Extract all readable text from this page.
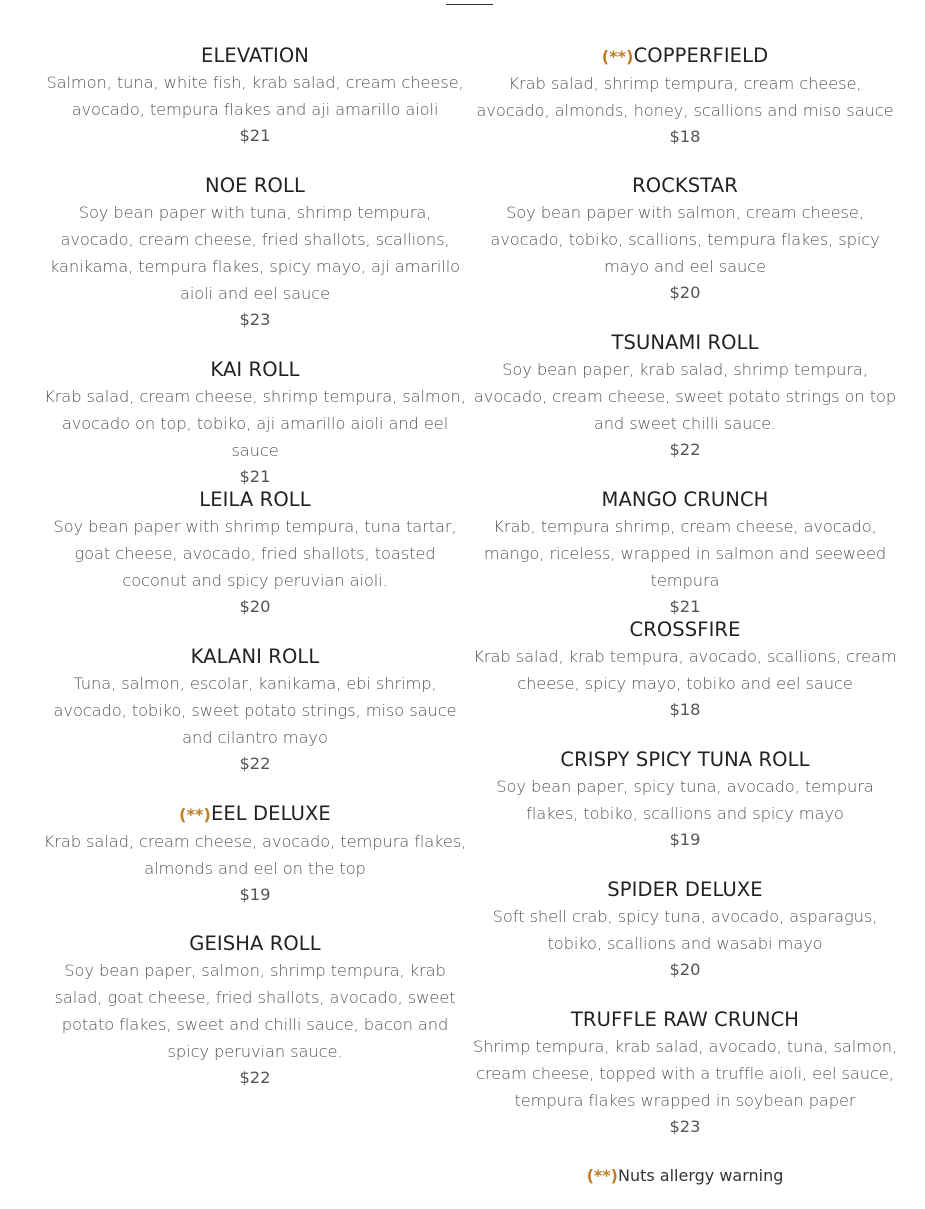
ELEVATION
Salmon, tuna, white fish, krab salad, cream cheese, avocado, tempura flakes and aji amarillo aioli
$21
NOE ROLL
Soy bean paper with tuna, shrimp tempura, avocado, cream cheese, fried shallots, scallions, kanikama, tempura flakes, spicy mayo, aji amarillo aioli and eel sauce
$23
KAI ROLL
Krab salad, cream cheese, shrimp tempura, salmon, avocado on top, tobiko, aji amarillo aioli and eel sauce
$21
LEILA ROLL
Soy bean paper with shrimp tempura, tuna tartar, goat cheese, avocado, fried shallots, toasted coconut and spicy peruvian aioli.
$20
KALANI ROLL
Tuna, salmon, escolar, kanikama, ebi shrimp, avocado, tobiko, sweet potato strings, miso sauce and cilantro mayo
$22
(**)EEL DELUXE
Krab salad, cream cheese, avocado, tempura flakes, almonds and eel on the top
$19
GEISHA ROLL
Soy bean paper, salmon, shrimp tempura, krab salad, goat cheese, fried shallots, avocado, sweet potato flakes, sweet and chilli sauce, bacon and spicy peruvian sauce.
$22
(**)COPPERFIELD
Krab salad, shrimp tempura, cream cheese, avocado, almonds, honey, scallions and miso sauce
$18
ROCKSTAR
Soy bean paper with salmon, cream cheese, avocado, tobiko, scallions, tempura flakes, spicy mayo and eel sauce
$20
TSUNAMI ROLL
Soy bean paper, krab salad, shrimp tempura, avocado, cream cheese, sweet potato strings on top and sweet chilli sauce.
$22
MANGO CRUNCH
Krab, tempura shrimp, cream cheese, avocado, mango, riceless, wrapped in salmon and seeweed tempura
$21
CROSSFIRE
Krab salad, krab tempura, avocado, scallions, cream cheese, spicy mayo, tobiko and eel sauce
$18
CRISPY SPICY TUNA ROLL
Soy bean paper, spicy tuna, avocado, tempura flakes, tobiko, scallions and spicy mayo
$19
SPIDER DELUXE
Soft shell crab, spicy tuna, avocado, asparagus, tobiko, scallions and wasabi mayo
$20
TRUFFLE RAW CRUNCH
Shrimp tempura, krab salad, avocado, tuna, salmon, cream cheese, topped with a truffle aioli, eel sauce, tempura flakes wrapped in soybean paper
$23
(**)Nuts allergy warning
